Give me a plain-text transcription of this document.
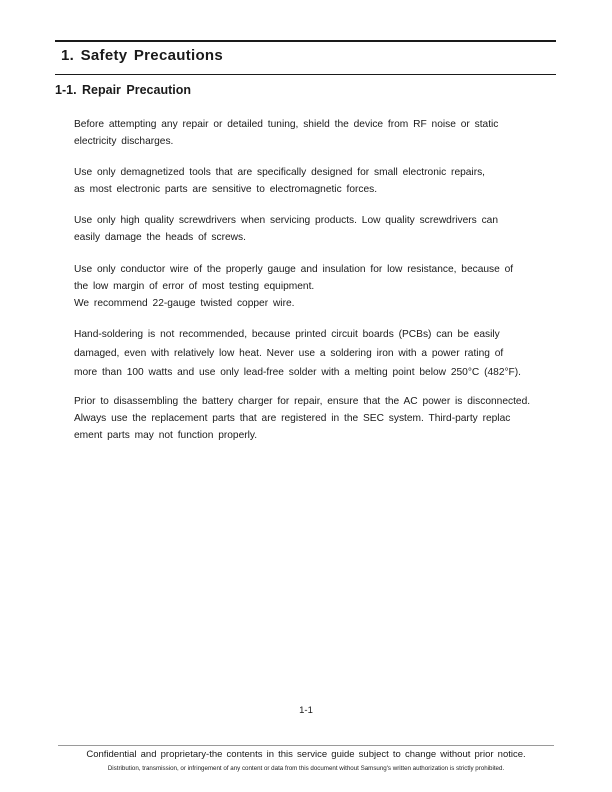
1. Safety Precautions
1-1. Repair Precaution
Before attempting any repair or detailed tuning, shield the device from RF noise or static
electricity discharges.
Use only demagnetized tools that are specifically designed for small electronic repairs,
as most electronic parts are sensitive to electromagnetic forces.
Use only high quality screwdrivers when servicing products. Low quality screwdrivers can
easily damage the heads of screws.
Use only conductor wire of the properly gauge and insulation for low resistance, because of
the low margin of error of most testing equipment.
We recommend 22-gauge twisted copper wire.
Hand-soldering is not recommended, because printed circuit boards (PCBs) can be easily
damaged, even with relatively low heat. Never use a soldering iron with a power rating of
more than 100 watts and use only lead-free solder with a melting point below 250°C (482°F).
Prior to disassembling the battery charger for repair, ensure that the AC power is disconnected.
Always use the replacement parts that are registered in the SEC system. Third-party replac
ement parts may not function properly.
1-1
Confidential and proprietary-the contents in this service guide subject to change without prior notice.
Distribution, transmission, or infringement of any content or data from this document without Samsung's written authorization is strictly prohibited.
